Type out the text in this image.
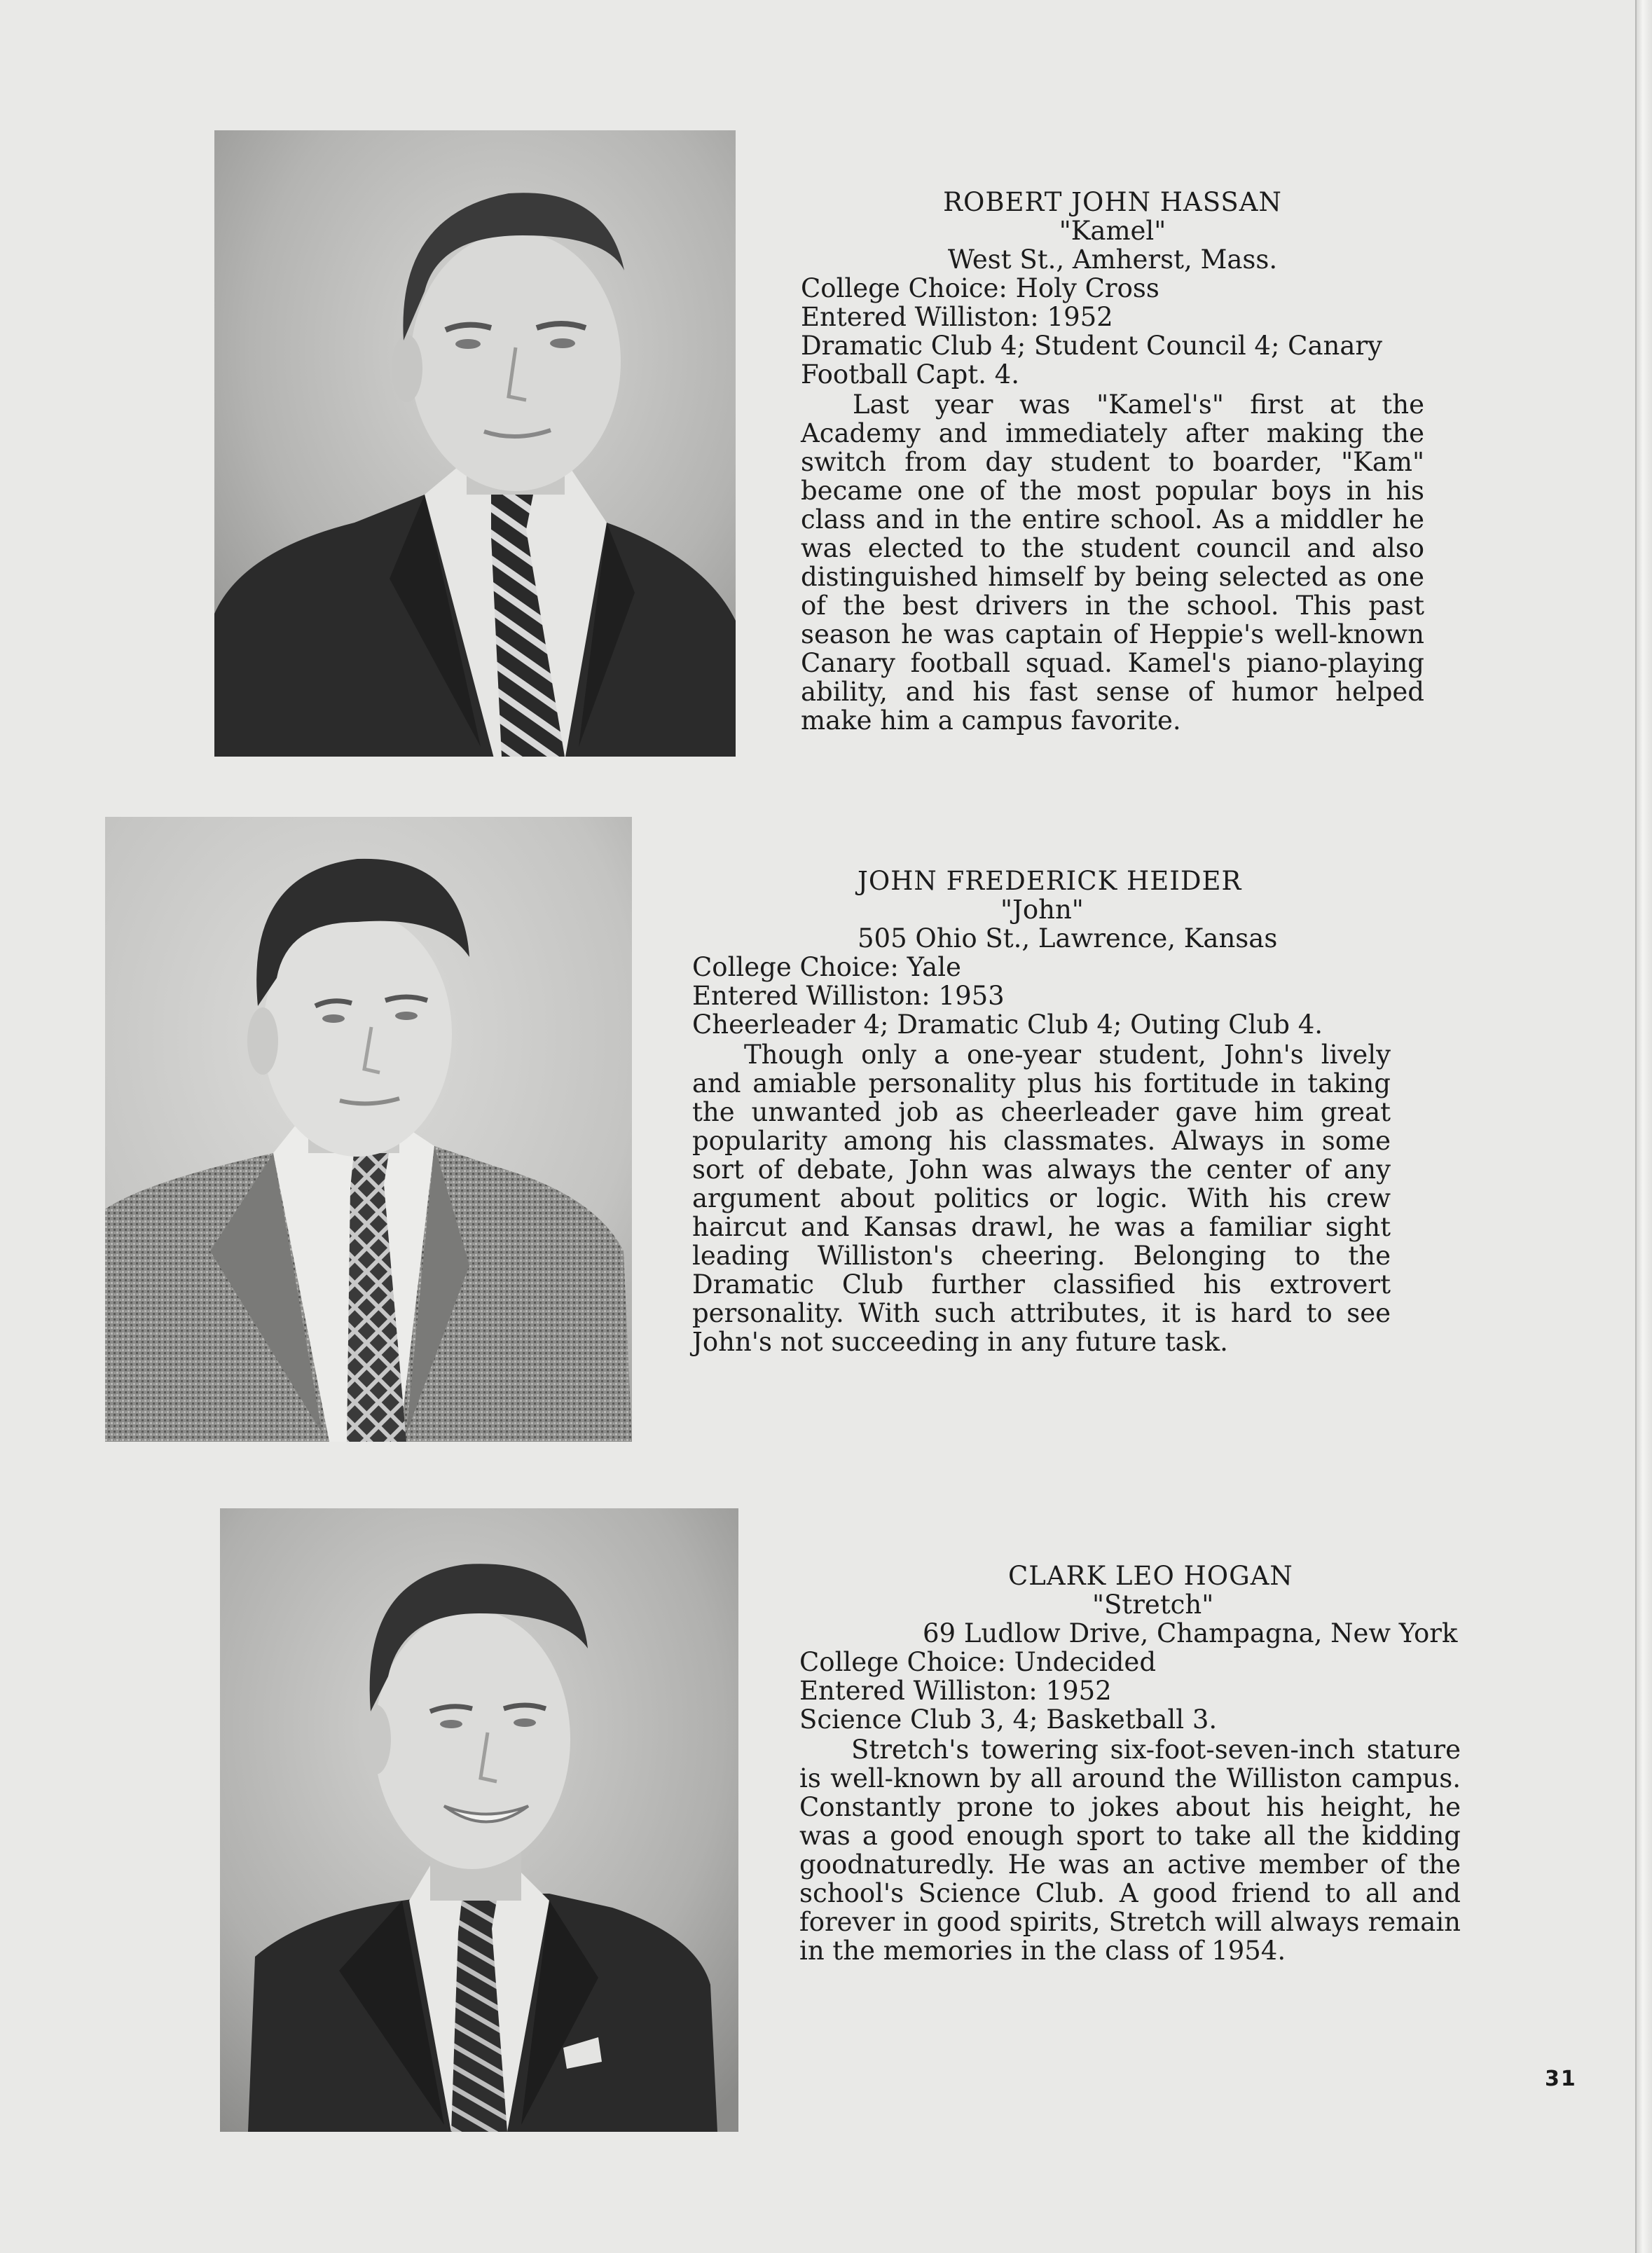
ROBERT JOHN HASSAN

"Kamel"

West St., Amherst, Mass.

College Choice: Holy Cross

Entered Williston: 1952

Dramatic Club 4; Student Council 4; Canary Football Capt. 4.

Last year was "Kamel's" first at the Academy and immediately after making the switch from day student to boarder, "Kam" became one of the most popular boys in his class and in the entire school. As a middler he was elected to the student council and also distinguished himself by being selected as one of the best drivers in the school. This past season he was captain of Heppie's well-known Canary football squad. Kamel's piano-playing ability, and his fast sense of humor helped make him a campus favorite.

JOHN FREDERICK HEIDER

"John"

505 Ohio St., Lawrence, Kansas

College Choice: Yale

Entered Williston: 1953

Cheerleader 4; Dramatic Club 4; Outing Club 4.

Though only a one-year student, John's lively and amiable personality plus his fortitude in taking the unwanted job as cheerleader gave him great popularity among his classmates. Always in some sort of debate, John was always the center of any argument about politics or logic. With his crew haircut and Kansas drawl, he was a familiar sight leading Williston's cheering. Belonging to the Dramatic Club further classified his extrovert personality. With such attributes, it is hard to see John's not succeeding in any future task.

CLARK LEO HOGAN

"Stretch"

69 Ludlow Drive, Champagna, New York

College Choice: Undecided

Entered Williston: 1952

Science Club 3, 4; Basketball 3.

Stretch's towering six-foot-seven-inch stature is well-known by all around the Williston campus. Constantly prone to jokes about his height, he was a good enough sport to take all the kidding goodnaturedly. He was an active member of the school's Science Club. A good friend to all and forever in good spirits, Stretch will always remain in the memories in the class of 1954.

31
